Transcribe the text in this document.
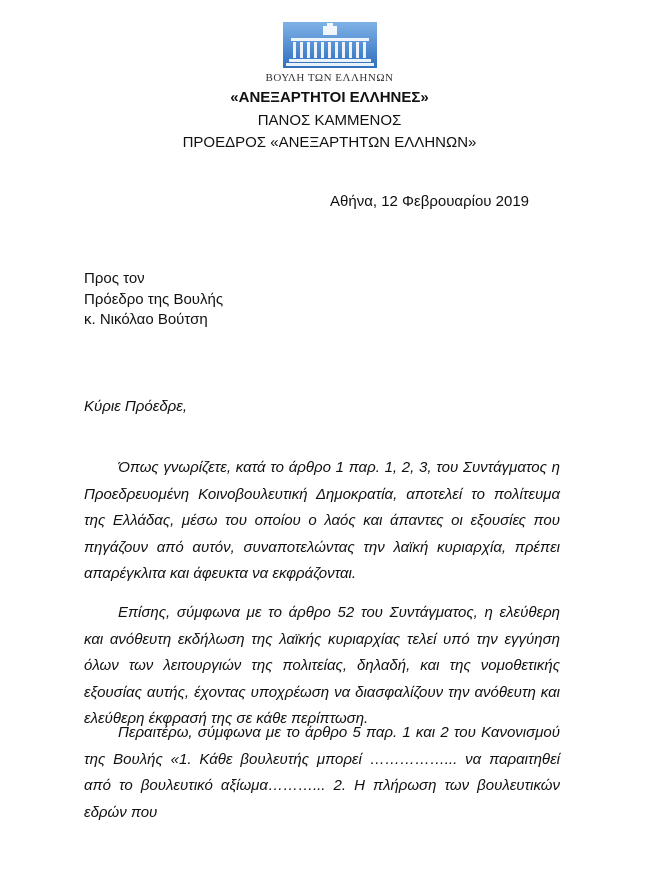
ΒΟΥΛΗ ΤΩΝ ΕΛΛΗΝΩΝ
«ΑΝΕΞΑΡΤΗΤΟΙ ΕΛΛΗΝΕΣ»
ΠΑΝΟΣ ΚΑΜΜΕΝΟΣ
ΠΡΟΕΔΡΟΣ «ΑΝΕΞΑΡΤΗΤΩΝ ΕΛΛΗΝΩΝ»
Αθήνα, 12 Φεβρουαρίου 2019
Προς τον
Πρόεδρο της Βουλής
κ. Νικόλαο Βούτση
Κύριε Πρόεδρε,

Όπως γνωρίζετε, κατά το άρθρο 1 παρ. 1, 2, 3, του Συντάγματος η Προεδρευομένη Κοινοβουλευτική Δημοκρατία, αποτελεί το πολίτευμα της Ελλάδας, μέσω του οποίου ο λαός και άπαντες οι εξουσίες που πηγάζουν από αυτόν, συναποτελώντας την λαϊκή κυριαρχία, πρέπει απαρέγκλιτα και άφευκτα να εκφράζονται.

Επίσης, σύμφωνα με το άρθρο 52 του Συντάγματος, η ελεύθερη και ανόθευτη εκδήλωση της λαϊκής κυριαρχίας τελεί υπό την εγγύηση όλων των λειτουργιών της πολιτείας, δηλαδή, και της νομοθετικής εξουσίας αυτής, έχοντας υποχρέωση να διασφαλίζουν την ανόθευτη και ελεύθερη έκφρασή της σε κάθε περίπτωση.

Περαιτέρω, σύμφωνα με το άρθρο 5 παρ. 1 και 2 του Κανονισμού της Βουλής «1. Κάθε βουλευτής μπορεί ……………... να παραιτηθεί από το βουλευτικό αξίωμα………... 2. Η πλήρωση των βουλευτικών εδρών που
